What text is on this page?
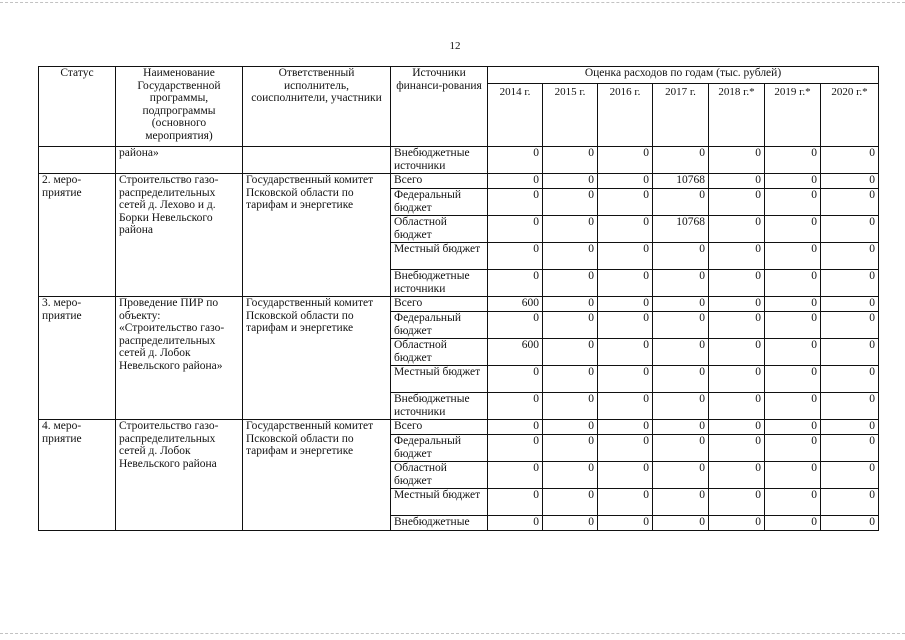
12
Статус	Наименование Государственной программы, подпрограммы (основного мероприятия)	Ответственный исполнитель, соисполнители, участники	Источники финанси-рования	Оценка расходов по годам (тыс. рублей)						
				2014 г.	2015 г.	2016 г.	2017 г.	2018 г.*	2019 г.*	2020 г.*
	района»		Внебюджетные источники	0	0	0	0	0	0	0
2. меро-приятие	Строительство газо-распределительных сетей д. Лехово и д. Борки Невельского района	Государственный комитет Псковской области по тарифам и энергетике	Всего	0	0	0	10768	0	0	0
			Федеральный бюджет	0	0	0	0	0	0	0
			Областной бюджет	0	0	0	10768	0	0	0
			Местный бюджет	0	0	0	0	0	0	0
			Внебюджетные источники	0	0	0	0	0	0	0
3. меро-приятие	Проведение ПИР по объекту: «Строительство газо-распределительных сетей д. Лобок Невельского района»	Государственный комитет Псковской области по тарифам и энергетике	Всего	600	0	0	0	0	0	0
			Федеральный бюджет	0	0	0	0	0	0	0
			Областной бюджет	600	0	0	0	0	0	0
			Местный бюджет	0	0	0	0	0	0	0
			Внебюджетные источники	0	0	0	0	0	0	0
4. меро-приятие	Строительство газо-распределительных сетей д. Лобок Невельского района	Государственный комитет Псковской области по тарифам и энергетике	Всего	0	0	0	0	0	0	0
			Федеральный бюджет	0	0	0	0	0	0	0
			Областной бюджет	0	0	0	0	0	0	0
			Местный бюджет	0	0	0	0	0	0	0
			Внебюджетные	0	0	0	0	0	0	0
